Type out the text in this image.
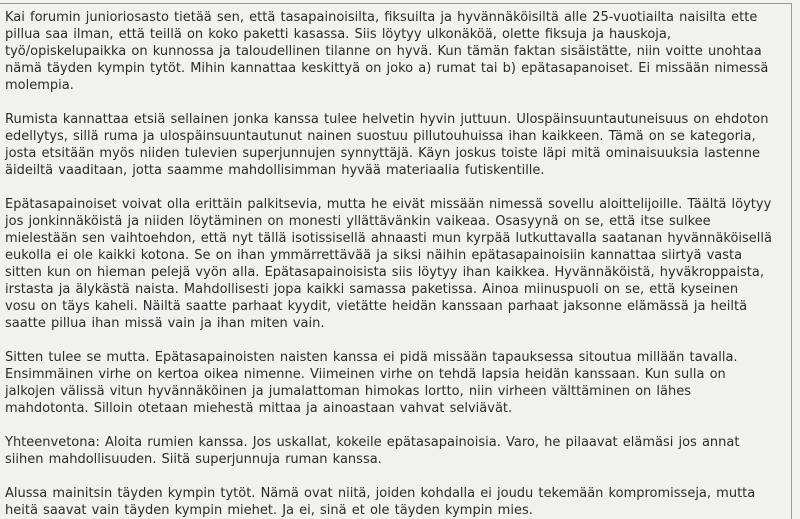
Kai forumin junioriosasto tietää sen, että tasapainoisilta, fiksuilta ja hyvännäköisiltä alle 25-vuotiailta naisilta ette pillua saa ilman, että teillä on koko paketti kasassa. Siis löytyy ulkonäköä, olette fiksuja ja hauskoja, työ/opiskelupaikka on kunnossa ja taloudellinen tilanne on hyvä. Kun tämän faktan sisäistätte, niin voitte unohtaa nämä täyden kympin tytöt. Mihin kannattaa keskittyä on joko a) rumat tai b) epätasapanoiset. Ei missään nimessä molempia.

Rumista kannattaa etsiä sellainen jonka kanssa tulee helvetin hyvin juttuun. Ulospäinsuuntautuneisuus on ehdoton edellytys, sillä ruma ja ulospäinsuuntautunut nainen suostuu pillutouhuissa ihan kaikkeen. Tämä on se kategoria, josta etsitään myös niiden tulevien superjunnujen synnyttäjä. Käyn joskus toiste läpi mitä ominaisuuksia lastenne äideiltä vaaditaan, jotta saamme mahdollisimman hyvää materiaalia futiskentille.

Epätasapainoiset voivat olla erittäin palkitsevia, mutta he eivät missään nimessä sovellu aloittelijoille. Täältä löytyy jos jonkinnäköistä ja niiden löytäminen on monesti yllättävänkin vaikeaa. Osasyynä on se, että itse sulkee mielestään sen vaihtoehdon, että nyt tällä isotissisellä ahnaasti mun kyrpää lutkuttavalla saatanan hyvännäköisellä eukolla ei ole kaikki kotona. Se on ihan ymmärrettävää ja siksi näihin epätasapainoisiin kannattaa siirtyä vasta sitten kun on hieman pelejä vyön alla. Epätasapainoisista siis löytyy ihan kaikkea. Hyvännäköistä, hyväkroppaista, irstasta ja älykästä naista. Mahdollisesti jopa kaikki samassa paketissa. Ainoa miinuspuoli on se, että kyseinen vosu on täys kaheli. Näiltä saatte parhaat kyydit, vietätte heidän kanssaan parhaat jaksonne elämässä ja heiltä saatte pillua ihan missä vain ja ihan miten vain.

Sitten tulee se mutta. Epätasapainoisten naisten kanssa ei pidä missään tapauksessa sitoutua millään tavalla. Ensimmäinen virhe on kertoa oikea nimenne. Viimeinen virhe on tehdä lapsia heidän kanssaan. Kun sulla on jalkojen välissä vitun hyvännäköinen ja jumalattoman himokas lortto, niin virheen välttäminen on lähes mahdotonta. Silloin otetaan miehestä mittaa ja ainoastaan vahvat selviävät.

Yhteenvetona: Aloita rumien kanssa. Jos uskallat, kokeile epätasapainoisia. Varo, he pilaavat elämäsi jos annat siihen mahdollisuuden. Siitä superjunnuja ruman kanssa.

Alussa mainitsin täyden kympin tytöt. Nämä ovat niitä, joiden kohdalla ei joudu tekemään kompromisseja, mutta heitä saavat vain täyden kympin miehet. Ja ei, sinä et ole täyden kympin mies.
